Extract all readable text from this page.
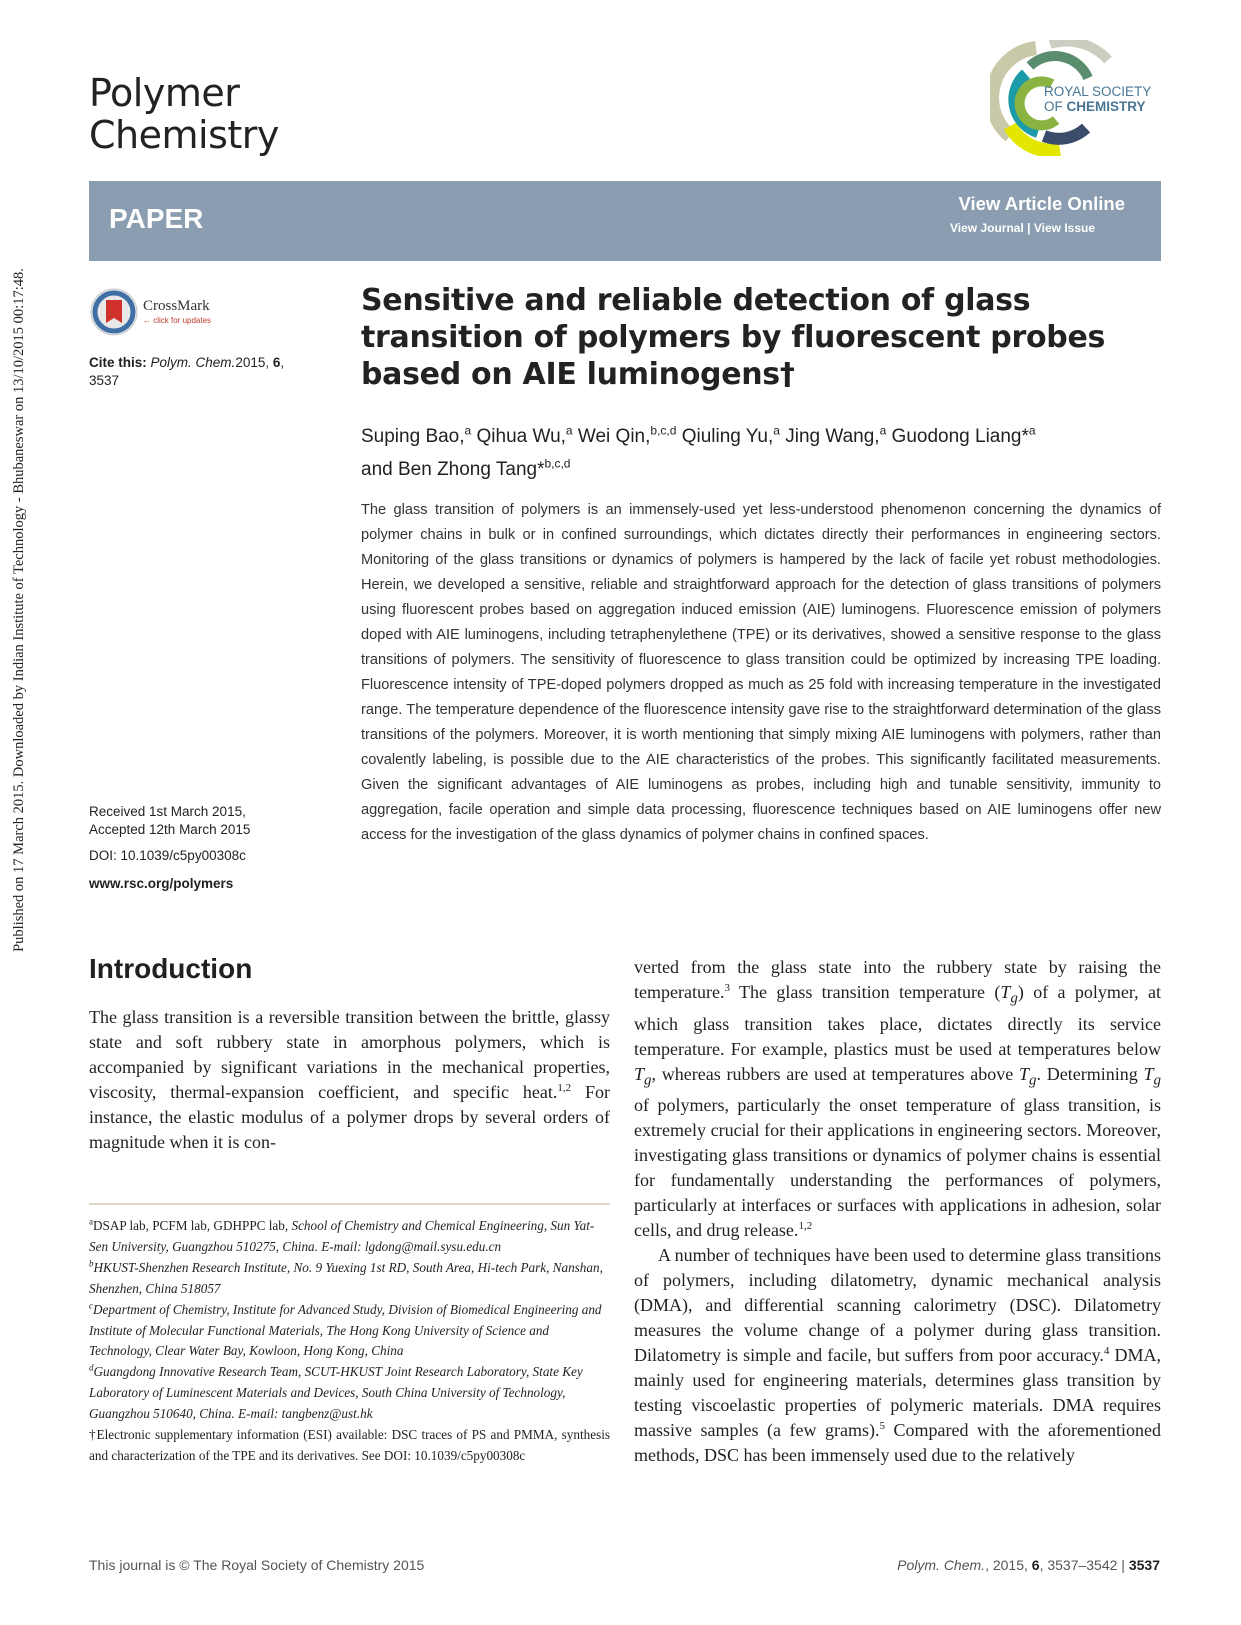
Published on 17 March 2015. Downloaded by Indian Institute of Technology - Bhubaneswar on 13/10/2015 00:17:48.
Polymer
Chemistry
ROYAL SOCIETY
OF CHEMISTRY
PAPER	View Article Online
View Journal | View Issue
CrossMark
← click for updates
Cite this: Polym. Chem.2015, 6,
3537
Received 1st March 2015,
Accepted 12th March 2015
DOI: 10.1039/c5py00308c
www.rsc.org/polymers
Sensitive and reliable detection of glass transition of polymers by fluorescent probes based on AIE luminogens†
Suping Bao,$^a$ Qihua Wu,$^a$ Wei Qin,$^{b,c,d}$ Qiuling Yu,$^a$ Jing Wang,$^a$ Guodong Liang*$^a$
and Ben Zhong Tang*$^{b,c,d}$

The glass transition of polymers is an immensely-used yet less-understood phenomenon concerning the dynamics of polymer chains in bulk or in confined surroundings, which dictates directly their performances in engineering sectors. Monitoring of the glass transitions or dynamics of polymers is hampered by the lack of facile yet robust methodologies. Herein, we developed a sensitive, reliable and straightforward approach for the detection of glass transitions of polymers using fluorescent probes based on aggregation induced emission (AIE) luminogens. Fluorescence emission of polymers doped with AIE luminogens, including tetraphenylethene (TPE) or its derivatives, showed a sensitive response to the glass transitions of polymers. The sensitivity of fluorescence to glass transition could be optimized by increasing TPE loading. Fluorescence intensity of TPE-doped polymers dropped as much as 25 fold with increasing temperature in the investigated range. The temperature dependence of the fluorescence intensity gave rise to the straightforward determination of the glass transitions of the polymers. Moreover, it is worth mentioning that simply mixing AIE luminogens with polymers, rather than covalently labeling, is possible due to the AIE characteristics of the probes. This significantly facilitated measurements. Given the significant advantages of AIE luminogens as probes, including high and tunable sensitivity, immunity to aggregation, facile operation and simple data processing, fluorescence techniques based on AIE luminogens offer new access for the investigation of the glass dynamics of polymer chains in confined spaces.

Introduction

The glass transition is a reversible transition between the brittle, glassy state and soft rubbery state in amorphous polymers, which is accompanied by significant variations in the mechanical properties, viscosity, thermal-expansion coefficient, and specific heat.$^{1,2}$ For instance, the elastic modulus of a polymer drops by several orders of magnitude when it is con-

verted from the glass state into the rubbery state by raising the temperature.$^3$ The glass transition temperature $(T_g)$ of a polymer, at which glass transition takes place, dictates directly its service temperature. For example, plastics must be used at temperatures below $T_g$, whereas rubbers are used at temperatures above $T_g$. Determining $T_g$ of polymers, particularly the onset temperature of glass transition, is extremely crucial for their applications in engineering sectors. Moreover, investigating glass transitions or dynamics of polymer chains is essential for fundamentally understanding the performances of polymers, particularly at interfaces or surfaces with applications in adhesion, solar cells, and drug release.$^{1,2}$

A number of techniques have been used to determine glass transitions of polymers, including dilatometry, dynamic mechanical analysis (DMA), and differential scanning calorimetry (DSC). Dilatometry measures the volume change of a polymer during glass transition. Dilatometry is simple and facile, but suffers from poor accuracy.$^4$ DMA, mainly used for engineering materials, determines glass transition by testing viscoelastic properties of polymeric materials. DMA requires massive samples (a few grams).$^5$ Compared with the aforementioned methods, DSC has been immensely used due to the relatively

$^a$DSAP lab, PCFM lab, GDHPPC lab, School of Chemistry and Chemical Engineering, Sun Yat-Sen University, Guangzhou 510275, China. E-mail: lgdong@mail.sysu.edu.cn

$^b$HKUST-Shenzhen Research Institute, No. 9 Yuexing 1st RD, South Area, Hi-tech Park, Nanshan, Shenzhen, China 518057

$^c$Department of Chemistry, Institute for Advanced Study, Division of Biomedical Engineering and Institute of Molecular Functional Materials, The Hong Kong University of Science and Technology, Clear Water Bay, Kowloon, Hong Kong, China

$^d$Guangdong Innovative Research Team, SCUT-HKUST Joint Research Laboratory, State Key Laboratory of Luminescent Materials and Devices, South China University of Technology, Guangzhou 510640, China. E-mail: tangbenz@ust.hk

†Electronic supplementary information (ESI) available: DSC traces of PS and PMMA, synthesis and characterization of the TPE and its derivatives. See DOI: 10.1039/c5py00308c

This journal is © The Royal Society of Chemistry 2015	Polym. Chem., 2015, 6, 3537–3542 | 3537
